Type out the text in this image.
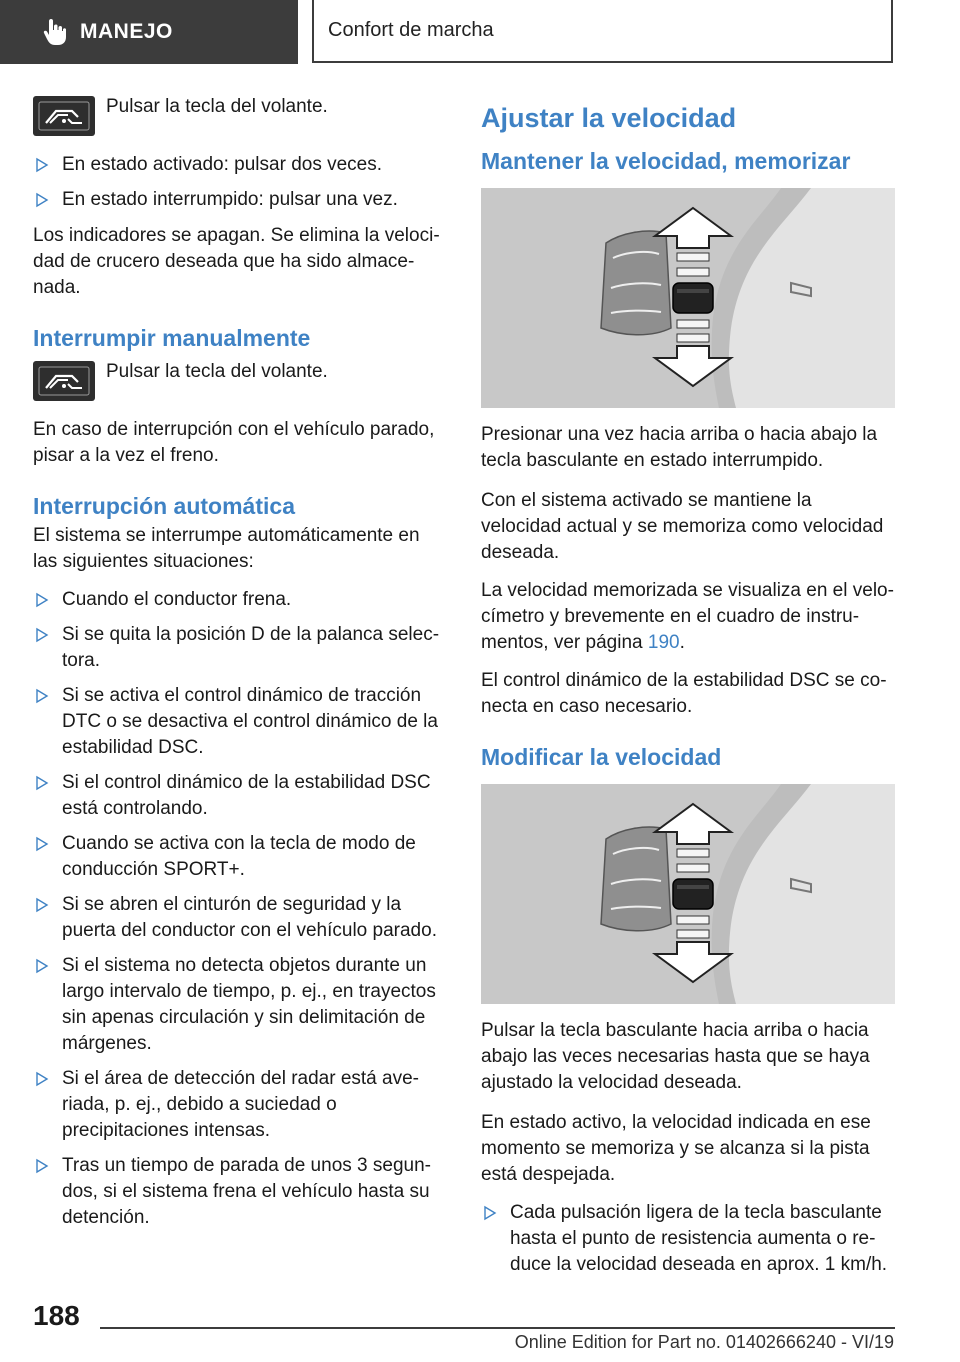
MANEJO	Confort de marcha
Pulsar la tecla del volante.
En estado activado: pulsar dos veces.
En estado interrumpido: pulsar una vez.

Los indicadores se apagan. Se elimina la velocidad de crucero deseada que ha sido almacenada.

Interrumpir manualmente
Pulsar la tecla del volante.

En caso de interrupción con el vehículo parado, pisar a la vez el freno.

Interrupción automática

El sistema se interrumpe automáticamente en las siguientes situaciones:

Cuando el conductor frena.
Si se quita la posición D de la palanca selectora.
Si se activa el control dinámico de tracción DTC o se desactiva el control dinámico de la estabilidad DSC.
Si el control dinámico de la estabilidad DSC está controlando.
Cuando se activa con la tecla de modo de conducción SPORT+.
Si se abren el cinturón de seguridad y la puerta del conductor con el vehículo parado.
Si el sistema no detecta objetos durante un largo intervalo de tiempo, p. ej., en trayectos sin apenas circulación y sin delimitación de márgenes.
Si el área de detección del radar está averiada, p. ej., debido a suciedad o precipitaciones intensas.
Tras un tiempo de parada de unos 3 segundos, si el sistema frena el vehículo hasta su detención.
Ajustar la velocidad
Mantener la velocidad, memorizar

Presionar una vez hacia arriba o hacia abajo la tecla basculante en estado interrumpido.

Con el sistema activado se mantiene la velocidad actual y se memoriza como velocidad deseada.

La velocidad memorizada se visualiza en el velocímetro y brevemente en el cuadro de instrumentos, ver página 190.

El control dinámico de la estabilidad DSC se conecta en caso necesario.

Modificar la velocidad

Pulsar la tecla basculante hacia arriba o hacia abajo las veces necesarias hasta que se haya ajustado la velocidad deseada.

En estado activo, la velocidad indicada en ese momento se memoriza y se alcanza si la pista está despejada.

Cada pulsación ligera de la tecla basculante hasta el punto de resistencia aumenta o reduce la velocidad deseada en aprox. 1 km/h.
188
Online Edition for Part no. 01402666240 - VI/19
